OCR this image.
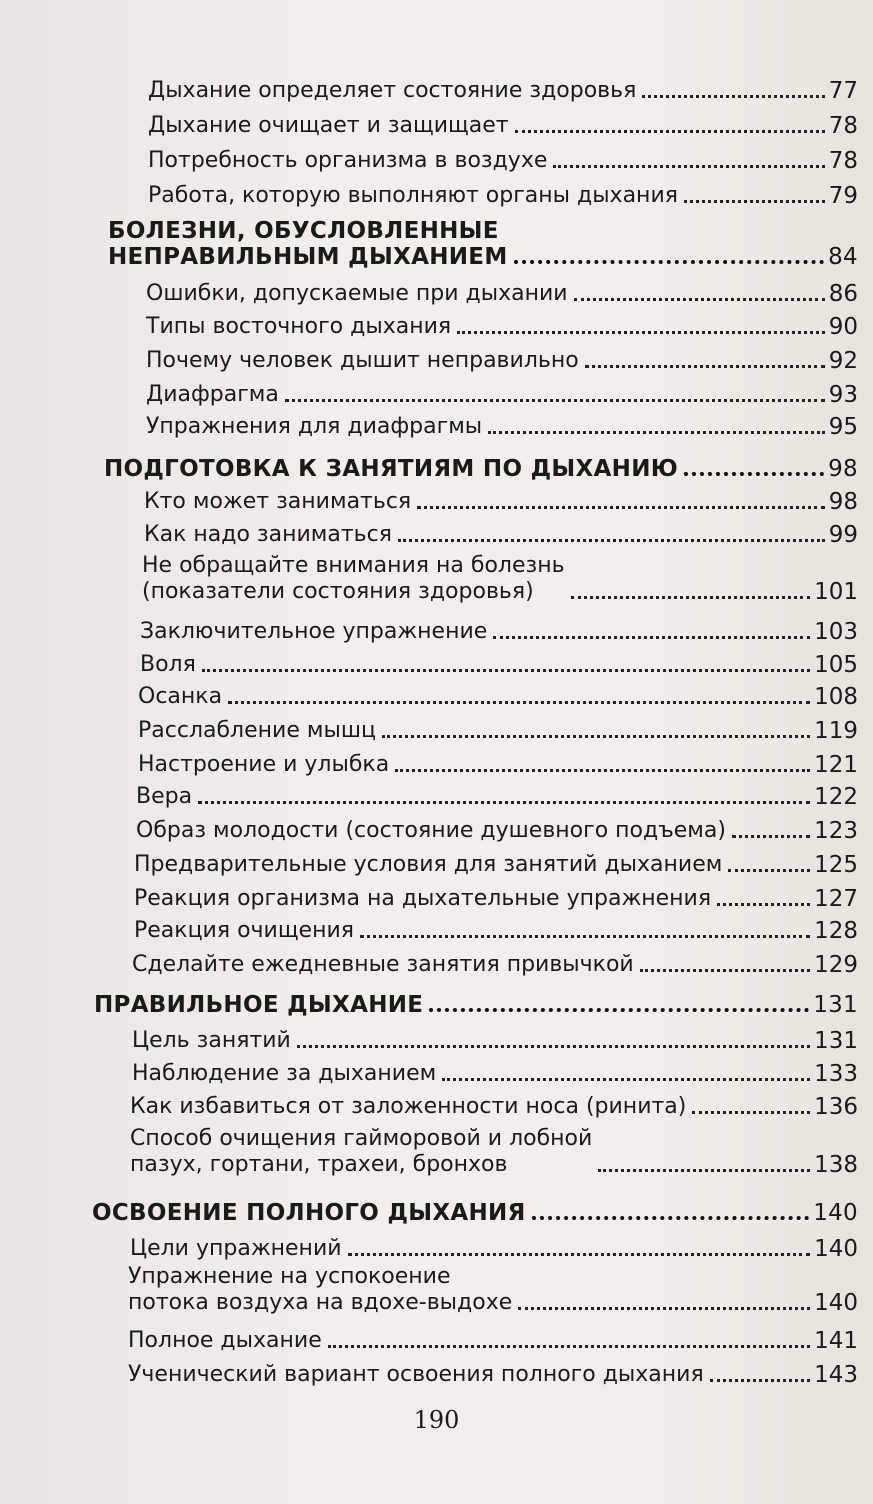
Дыхание определяет состояние здоровья	77
Дыхание очищает и защищает	78
Потребность организма в воздухе	78
Работа, которую выполняют органы дыхания	79
БОЛЕЗНИ, ОБУСЛОВЛЕННЫЕ
НЕПРАВИЛЬНЫМ ДЫХАНИЕМ	84
Ошибки, допускаемые при дыхании	86
Типы восточного дыхания	90
Почему человек дышит неправильно	92
Диафрагма	93
Упражнения для диафрагмы	95
ПОДГОТОВКА К ЗАНЯТИЯМ ПО ДЫХАНИЮ	98
Кто может заниматься	98
Как надо заниматься	99
Не обращайте внимания на болезнь
(показатели состояния здоровья)	101
Заключительное упражнение	103
Воля	105
Осанка	108
Расслабление мышц	119
Настроение и улыбка	121
Вера	122
Образ молодости (состояние душевного подъема)	123
Предварительные условия для занятий дыханием	125
Реакция организма на дыхательные упражнения	127
Реакция очищения	128
Сделайте ежедневные занятия привычкой	129
ПРАВИЛЬНОЕ ДЫХАНИЕ	131
Цель занятий	131
Наблюдение за дыханием	133
Как избавиться от заложенности носа (ринита)	136
Способ очищения гайморовой и лобной
пазух, гортани, трахеи, бронхов	138
ОСВОЕНИЕ ПОЛНОГО ДЫХАНИЯ	140
Цели упражнений	140
Упражнение на успокоение
потока воздуха на вдохе-выдохе	140
Полное дыхание	141
Ученический вариант освоения полного дыхания	143
190
